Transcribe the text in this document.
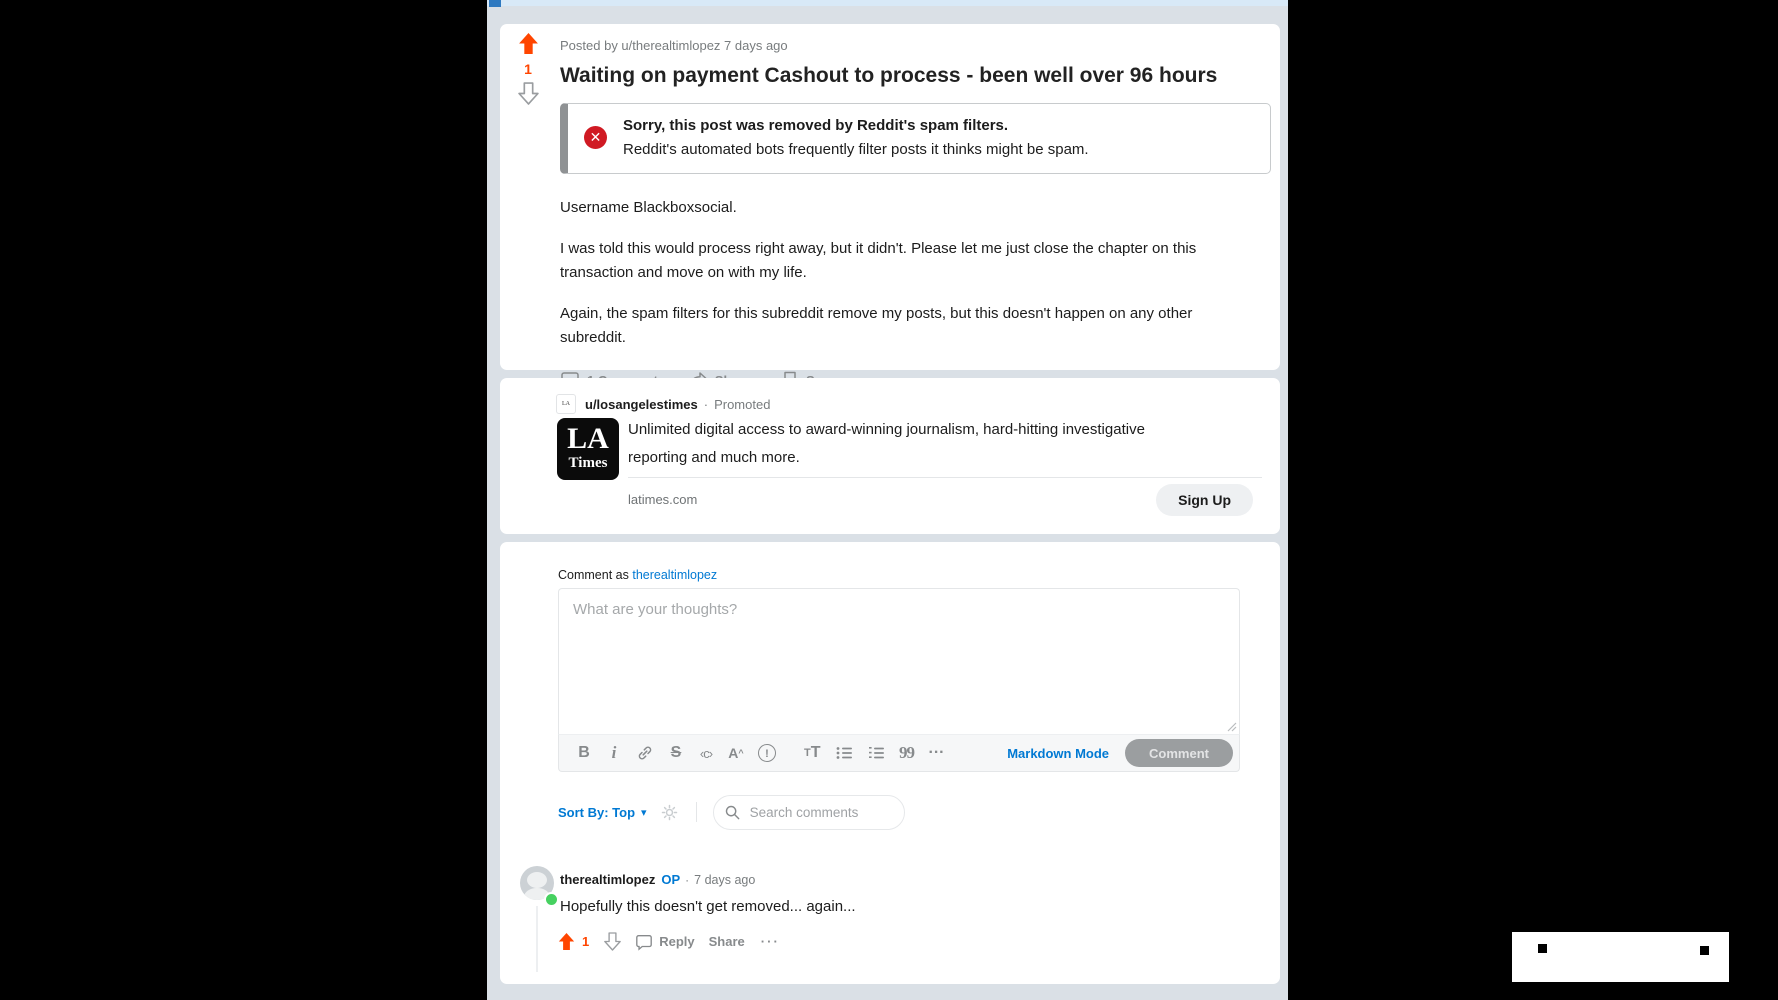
1
Posted by u/therealtimlopez 7 days ago
Waiting on payment Cashout to process - been well over 96 hours
✕
Sorry, this post was removed by Reddit's spam filters.
Reddit's automated bots frequently filter posts it thinks might be spam.

Username Blackboxsocial.

I was told this would process right away, but it didn't. Please let me just close the chapter on this transaction and move on with my life.

Again, the spam filters for this subreddit remove my posts, but this doesn't happen on any other subreddit.

LA	u/losangelestimes · Promoted
LA
Times
Unlimited digital access to award-winning journalism, hard-hitting investigative reporting and much more.
latimes.com	Sign Up
Comment as therealtimlopez
What are your thoughts?
B	i	S ‹c› A ^	!	T T	99 ···	Markdown Mode	Comment
Sort By: Top ▾
Search comments
therealtimlopez OP · 7 days ago
Hopefully this doesn't get removed... again...
1	Reply Share ···
